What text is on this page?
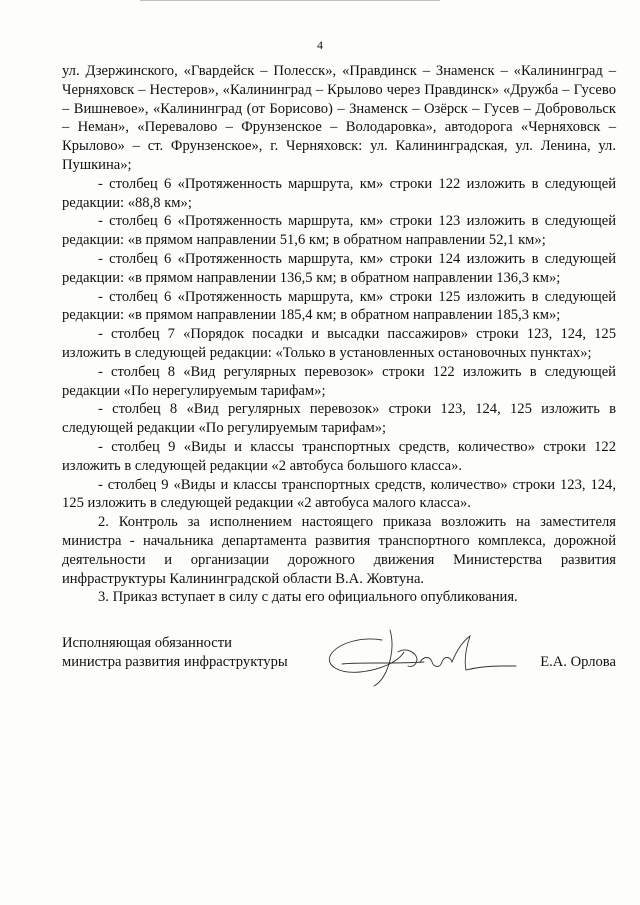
4

ул. Дзержинского, «Гвардейск – Полесск», «Правдинск – Знаменск – «Калининград – Черняховск – Нестеров», «Калининград – Крылово через Правдинск» «Дружба – Гусево – Вишневое», «Калининград (от Борисово) – Знаменск – Озёрск – Гусев – Добровольск – Неман», «Перевалово – Фрунзенское – Володаровка», автодорога «Черняховск – Крылово» – ст. Фрунзенское», г. Черняховск: ул. Калининградская, ул. Ленина, ул. Пушкина»;

- столбец 6 «Протяженность маршрута, км» строки 122 изложить в следующей редакции: «88,8 км»;

- столбец 6 «Протяженность маршрута, км» строки 123 изложить в следующей редакции: «в прямом направлении 51,6 км; в обратном направлении 52,1 км»;

- столбец 6 «Протяженность маршрута, км» строки 124 изложить в следующей редакции: «в прямом направлении 136,5 км; в обратном направлении 136,3 км»;

- столбец 6 «Протяженность маршрута, км» строки 125 изложить в следующей редакции: «в прямом направлении 185,4 км; в обратном направлении 185,3 км»;

- столбец 7 «Порядок посадки и высадки пассажиров» строки 123, 124, 125 изложить в следующей редакции: «Только в установленных остановочных пунктах»;

- столбец 8 «Вид регулярных перевозок» строки 122 изложить в следующей редакции «По нерегулируемым тарифам»;

- столбец 8 «Вид регулярных перевозок» строки 123, 124, 125 изложить в следующей редакции «По регулируемым тарифам»;

- столбец 9 «Виды и классы транспортных средств, количество» строки 122 изложить в следующей редакции «2 автобуса большого класса».

- столбец 9 «Виды и классы транспортных средств, количество» строки 123, 124, 125 изложить в следующей редакции «2 автобуса малого класса».

2. Контроль за исполнением настоящего приказа возложить на заместителя министра - начальника департамента развития транспортного комплекса, дорожной деятельности и организации дорожного движения Министерства развития инфраструктуры Калининградской области В.А. Жовтуна.

3. Приказ вступает в силу с даты его официального опубликования.

Исполняющая обязанности
министра развития инфраструктуры	Е.А. Орлова
